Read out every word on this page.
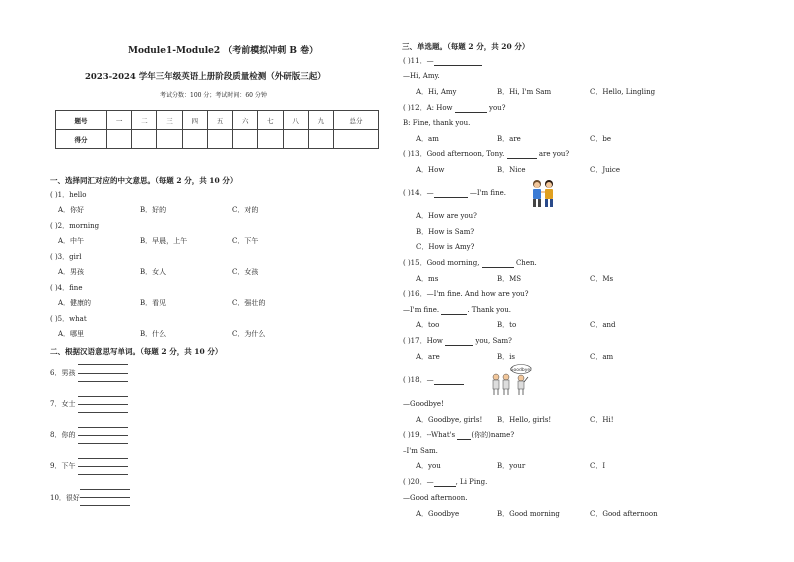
Module1-Module2 （考前模拟冲刺 B 卷）
2023-2024 学年三年级英语上册阶段质量检测（外研版三起）
考试分数：100 分；考试时间：60 分钟
题号	一	二	三	四	五	六	七	八	九	总分
得分										
一、选择同汇对应的中文意思。（每题 2 分，共 10 分）
( )1．hello
A．你好	B．好的	C．对的
( )2．morning
A．中午	B．早晨，上午	C．下午
( )3．girl
A．男孩	B．女人	C．女孩
( )4．fine
A．健康的	B．看见	C．强壮的
( )5．what
A．哪里	B．什么	C．为什么
二、根据汉语意思写单词。（每题 2 分，共 10 分）
6．男孩
7．女士
8．你的
9．下午
10．很好
三、单选题。（每题 2 分，共 20 分）
( )11．—
—Hi, Amy.
A．Hi, Amy	B．Hi, I'm Sam	C．Hello, Lingling
( )12．A: How	you?
B: Fine, thank you.
A．am	B．are	C．be
( )13．Good afternoon, Tony.	are you?
A．How	B．Nice	C．Juice
( )14．—	—I'm fine.
A．How are you?
B．How is Sam?
C．How is Amy?
( )15．Good morning,	Chen.
A．ms	B．MS	C．Ms
( )16．—I'm fine. And how are you?
—I'm fine.	. Thank you.
A．too	B．to	C．and
( )17．How	you, Sam?
A．are	B．is	C．am
( )18．—
Goodbye!
—Goodbye!
A．Goodbye, girls! B．Hello, girls!	C．Hi!
( )19．--What's (你的)name?
–I'm Sam.
A．you	B．your	C．I
( )20．—	, Li Ping.
—Good afternoon.
A．Goodbye	B．Good morning	C．Good afternoon
